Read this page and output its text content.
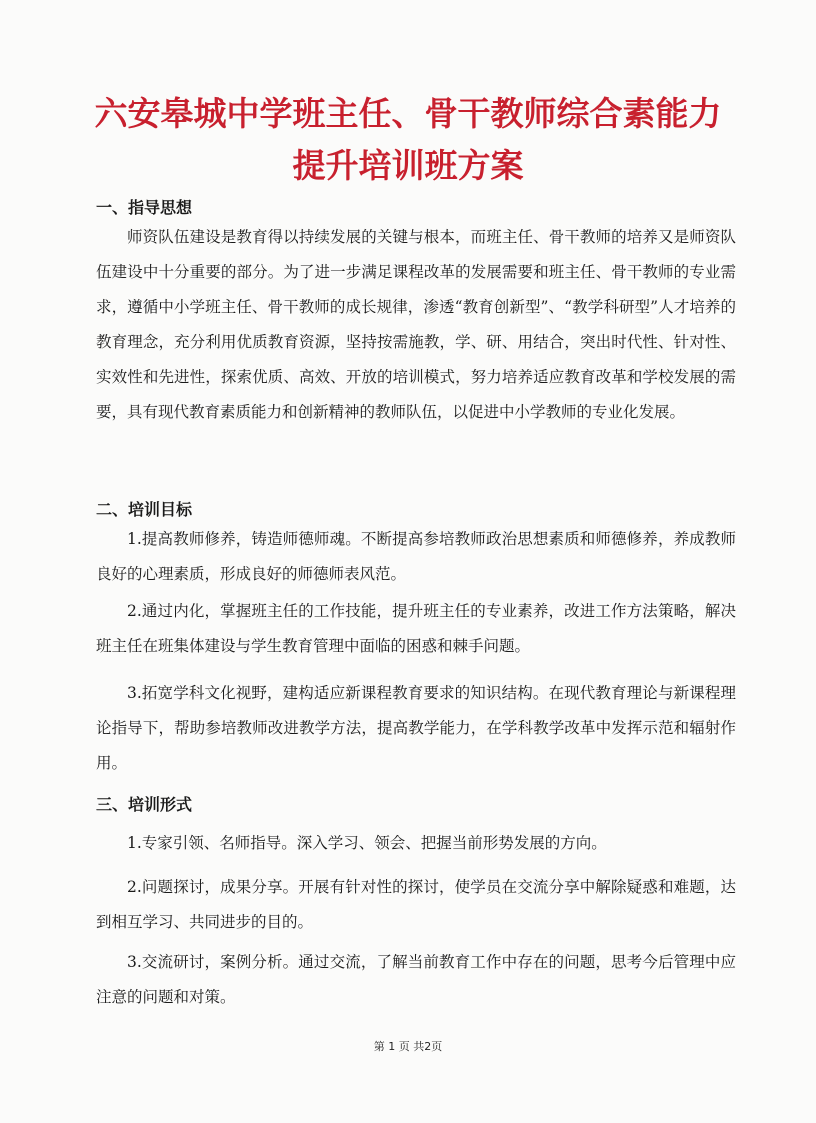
六安皋城中学班主任、骨干教师综合素能力
提升培训班方案
一、指导思想
师资队伍建设是教育得以持续发展的关键与根本，而班主任、骨干教师的培养又是师资队伍建设中十分重要的部分。为了进一步满足课程改革的发展需要和班主任、骨干教师的专业需求，遵循中小学班主任、骨干教师的成长规律，渗透“教育创新型”、“教学科研型”人才培养的教育理念，充分利用优质教育资源，坚持按需施教，学、研、用结合，突出时代性、针对性、实效性和先进性，探索优质、高效、开放的培训模式，努力培养适应教育改革和学校发展的需要，具有现代教育素质能力和创新精神的教师队伍，以促进中小学教师的专业化发展。
二、培训目标
1.提高教师修养，铸造师德师魂。不断提高参培教师政治思想素质和师德修养，养成教师良好的心理素质，形成良好的师德师表风范。
2.通过内化，掌握班主任的工作技能，提升班主任的专业素养，改进工作方法策略，解决班主任在班集体建设与学生教育管理中面临的困惑和棘手问题。
3.拓宽学科文化视野，建构适应新课程教育要求的知识结构。在现代教育理论与新课程理论指导下，帮助参培教师改进教学方法，提高教学能力，在学科教学改革中发挥示范和辐射作用。
三、培训形式
1.专家引领、名师指导。深入学习、领会、把握当前形势发展的方向。
2.问题探讨，成果分享。开展有针对性的探讨，使学员在交流分享中解除疑惑和难题，达到相互学习、共同进步的目的。
3.交流研讨，案例分析。通过交流，了解当前教育工作中存在的问题，思考今后管理中应注意的问题和对策。
第 1 页 共2页
